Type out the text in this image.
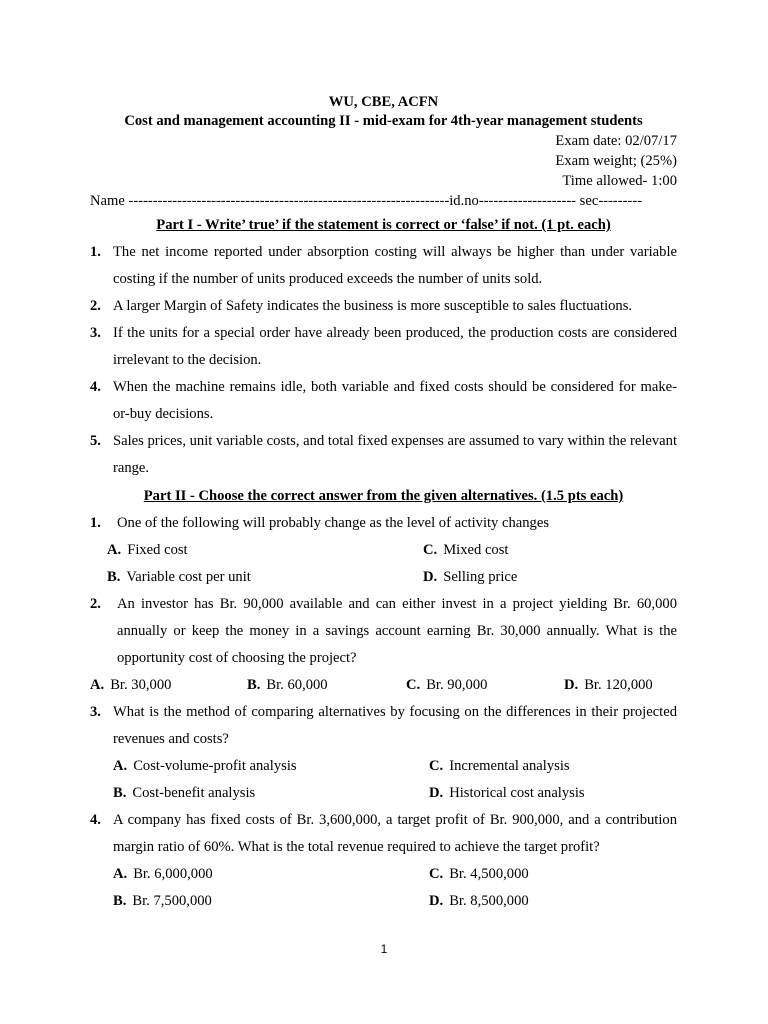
WU, CBE, ACFN
Cost and management accounting II - mid-exam for 4th-year management students
Exam date: 02/07/17
Exam weight; (25%)
Time allowed- 1:00
Name ------------------------------------------------------------------id.no-------------------- sec---------
Part I - Write’ true’ if the statement is correct or ‘false’ if not. (1 pt. each)
1. The net income reported under absorption costing will always be higher than under variable costing if the number of units produced exceeds the number of units sold.
2. A larger Margin of Safety indicates the business is more susceptible to sales fluctuations.
3. If the units for a special order have already been produced, the production costs are considered irrelevant to the decision.
4. When the machine remains idle, both variable and fixed costs should be considered for make-or-buy decisions.
5. Sales prices, unit variable costs, and total fixed expenses are assumed to vary within the relevant range.
Part II - Choose the correct answer from the given alternatives. (1.5 pts each)
1.	One of the following will probably change as the level of activity changes
A. Fixed cost	C. Mixed cost
B. Variable cost per unit	D. Selling price
2.	An investor has Br. 90,000 available and can either invest in a project yielding Br. 60,000 annually or keep the money in a savings account earning Br. 30,000 annually. What is the opportunity cost of choosing the project?
A. Br. 30,000	B. Br. 60,000	C. Br. 90,000	D. Br. 120,000
3. What is the method of comparing alternatives by focusing on the differences in their projected revenues and costs?
A. Cost-volume-profit analysis	C. Incremental analysis
B. Cost-benefit analysis	D. Historical cost analysis
4. A company has fixed costs of Br. 3,600,000, a target profit of Br. 900,000, and a contribution margin ratio of 60%. What is the total revenue required to achieve the target profit?
A. Br. 6,000,000	C. Br. 4,500,000
B. Br. 7,500,000	D. Br. 8,500,000
1
